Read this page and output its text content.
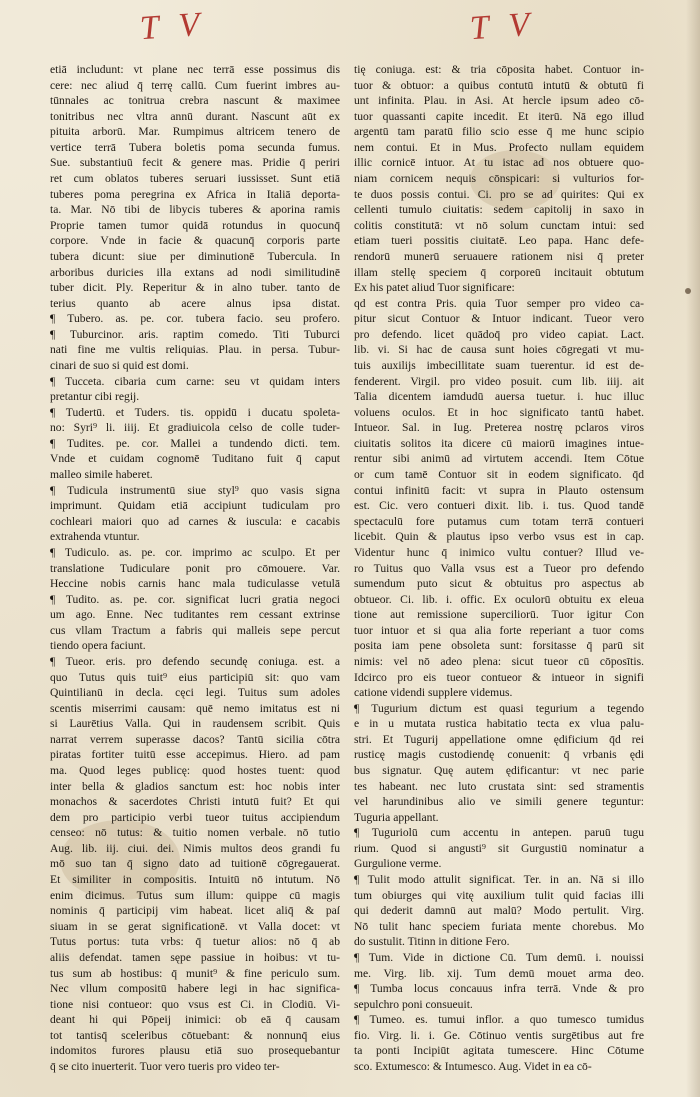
T V	T V
etiā includunt: vt plane nec terrā esse possimus dis
cere: nec aliud q̄ terrę callū. Cum fuerint imbres au-
tūnnales ac tonitrua crebra nascunt & maximee
tonitribus nec vltra annū durant. Nascunt aūt ex
pituita arborū. Mar. Rumpimus altricem tenero de
vertice terrā Tubera boletis poma secunda fumus.
Sue. substantiuū fecit & genere mas. Pridie q̄ periri
ret cum oblatos tuberes seruari iussisset. Sunt etiā
tuberes poma peregrina ex Africa in Italiā deporta-
ta. Mar. Nō tibi de libycis tuberes & aporina ramis
Proprie tamen tumor quidā rotundus in quocunq̄
corpore. Vnde in facie & quacunq̄ corporis parte
tubera dicunt: siue per diminutionē Tubercula. In
arboribus duricies illa extans ad nodi similitudinē
tuber dicit. Ply. Reperitur & in alno tuber. tanto de
terius quanto ab acere alnus ipsa distat.
¶ Tubero. as. pe. cor. tubera facio. seu profero.
¶ Tuburcinor. aris. raptim comedo. Titi Tuburci
nati fine me vultis reliquias. Plau. in persa. Tubur-
cinari de suo si quid est domi.
¶ Tucceta. cibaria cum carne: seu vt quidam inters
pretantur cibi regij.
¶ Tudertū. et Tuders. tis. oppidū i ducatu spoleta-
no: Syri⁹ li. iiij. Et gradiuicola celso de colle tuder-
¶ Tudites. pe. cor. Mallei a tundendo dicti. tem.
Vnde et cuidam cognomē Tuditano fuit q̄ caput
malleo simile haberet.
¶ Tudicula instrumentū siue styl⁹ quo vasis signa
imprimunt. Quidam etiā accipiunt tudiculam pro
cochleari maiori quo ad carnes & iuscula: e cacabis
extrahenda vtuntur.
¶ Tudiculo. as. pe. cor. imprimo ac sculpo. Et per
translatione Tudiculare ponit pro cōmouere. Var.
Heccine nobis carnis hanc mala tudiculasse vetulā
¶ Tudito. as. pe. cor. significat lucri gratia negoci
um ago. Enne. Nec tuditantes rem cessant extrinse
cus vllam Tractum a fabris qui malleis sepe percut
tiendo opera faciunt.
¶ Tueor. eris. pro defendo secundę coniuga. est. a
quo Tutus quis tuit⁹ eius participiū sit: quo vam
Quintilianū in decla. cęci legi. Tuitus sum adoles
scentis miserrimi causam: quē nemo imitatus est ni
si Laurētius Valla. Qui in raudensem scribit. Quis
narrat verrem superasse dacos? Tantū sicilia cōtra
piratas fortiter tuitū esse accepimus. Hiero. ad pam
ma. Quod leges publicę: quod hostes tuent: quod
inter bella & gladios sanctum est: hoc nobis inter
monachos & sacerdotes Christi intutū fuit? Et qui
dem pro participio verbi tueor tuitus accipiendum
censeo: nō tutus: & tuitio nomen verbale. nō tutio
Aug. lib. iij. ciui. dei. Nimis multos deos grandi fu
mō suo tan q̄ signo dato ad tuitionē cōgregauerat.
Et similiter in compositis. Intuitū nō intutum. Nō
enim dicimus. Tutus sum illum: quippe cū magis
nominis q̄ participij vim habeat. licet aliq̄ & paſ
siuam in se gerat significationē. vt Valla docet: vt
Tutus portus: tuta vrbs: q̄ tuetur alios: nō q̄ ab
aliis defendat. tamen sępe passiue in hoibus: vt tu-
tus sum ab hostibus: q̄ munit⁹ & fine periculo sum.
Nec vllum compositū habere legi in hac significa-
tione nisi contueor: quo vsus est Ci. in Clodiū. Vi-
deant hi qui Pōpeij inimici: ob eā q̄ causam
tot tantisq̄ sceleribus cōtuebant: & nonnunq̄ eius
indomitos furores plausu etiā suo prosequebantur
q̄ se cito inuerterit. Tuor vero tueris pro video ter-
tię coniuga. est: & tria cōposita habet. Contuor in-
tuor & obtuor: a quibus contutū intutū & obtutū fi
unt infinita. Plau. in Asi. At hercle ipsum adeo cō-
tuor quassanti capite incedit. Et iterū. Nā ego illud
argentū tam paratū filio scio esse q̄ me hunc scipio
nem contui. Et in Mus. Profecto nullam equidem
illic cornicē intuor. At tu istac ad nos obtuere quo-
niam cornicem nequis cōnspicari: si vulturios for-
te duos possis contui. Ci. pro se ad quirites: Qui ex
cellenti tumulo ciuitatis: sedem capitolij in saxo in
colitis constitutā: vt nō solum cunctam intui: sed
etiam tueri possitis ciuitatē. Leo papa. Hanc defe-
rendorū munerū seruauere rationem nisi q̄ preter
illam stellę speciem q̄ corporeū incitauit obtutum
Ex his patet aliud Tuor significare:
qd est contra Pris. quia Tuor semper pro video ca-
pitur sicut Contuor & Intuor indicant. Tueor vero
pro defendo. licet quādoq̄ pro video capiat. Lact.
lib. vi. Si hac de causa sunt hoies cōgregati vt mu-
tuis auxilijs imbecillitate suam tuerentur. id est de-
fenderent. Virgil. pro video posuit. cum lib. iiij. ait
Talia dicentem iamdudū auersa tuetur. i. huc illuc
voluens oculos. Et in hoc significato tantū habet.
Intueor. Sal. in Iug. Preterea nostrę pclaros viros
ciuitatis solitos ita dicere cū maiorū imagines intue-
rentur sibi animū ad virtutem accendi. Item Cōtue
or cum tamē Contuor sit in eodem significato. q̄d
contui infinitū facit: vt supra in Plauto ostensum
est. Cic. vero contueri dixit. lib. i. tus. Quod tandē
spectaculū fore putamus cum totam terrā contueri
licebit. Quin & plautus ipso verbo vsus est in cap.
Videntur hunc q̄ inimico vultu contuer? Illud ve-
ro Tuitus quo Valla vsus est a Tueor pro defendo
sumendum puto sicut & obtuitus pro aspectus ab
obtueor. Ci. lib. i. offic. Ex oculorū obtuitu ex eleua
tione aut remissione superciliorū. Tuor igitur Con
tuor intuor et si qua alia forte reperiant a tuor coms
posita iam pene obsoleta sunt: forsitasse q̄ parū sit
nimis: vel nō adeo plena: sicut tueor cū cōposītis.
Idcirco pro eis tueor contueor & intueor in signifi
catione videndi supplere videmus.
¶ Tugurium dictum est quasi tegurium a tegendo
e in u mutata rustica habitatio tecta ex vlua palu-
stri. Et Tugurij appellatione omne ędificium q̄d rei
rusticę magis custodiendę conuenit: q̄ vrbanis ędi
bus signatur. Quę autem ędificantur: vt nec parie
tes habeant. nec luto crustata sint: sed stramentis
vel harundinibus alio ve simili genere teguntur:
Tuguria appellant.
¶ Tuguriolū cum accentu in antepen. paruū tugu
rium. Quod si angusti⁹ sit Gurgustiū nominatur a
Gurgulione verme.
¶ Tulit modo attulit significat. Ter. in an. Nā si illo
tum obiurges qui vitę auxilium tulit quid facias illi
qui dederit damnū aut malū? Modo pertulit. Virg.
Nō tulit hanc speciem furiata mente chorebus. Mo
do sustulit. Titinn in ditione Fero.
¶ Tum. Vide in dictione Cū. Tum demū. i. nouissi
me. Virg. lib. xij. Tum demū mouet arma deo.
¶ Tumba locus concauus infra terrā. Vnde & pro
sepulchro poni consueuit.
¶ Tumeo. es. tumui inflor. a quo tumesco tumidus
fio. Virg. li. i. Ge. Cōtinuo ventis surgētibus aut fre
ta ponti Incipiūt agitata tumescere. Hinc Cōtume
sco. Extumesco: & Intumesco. Aug. Videt in ea cō-
